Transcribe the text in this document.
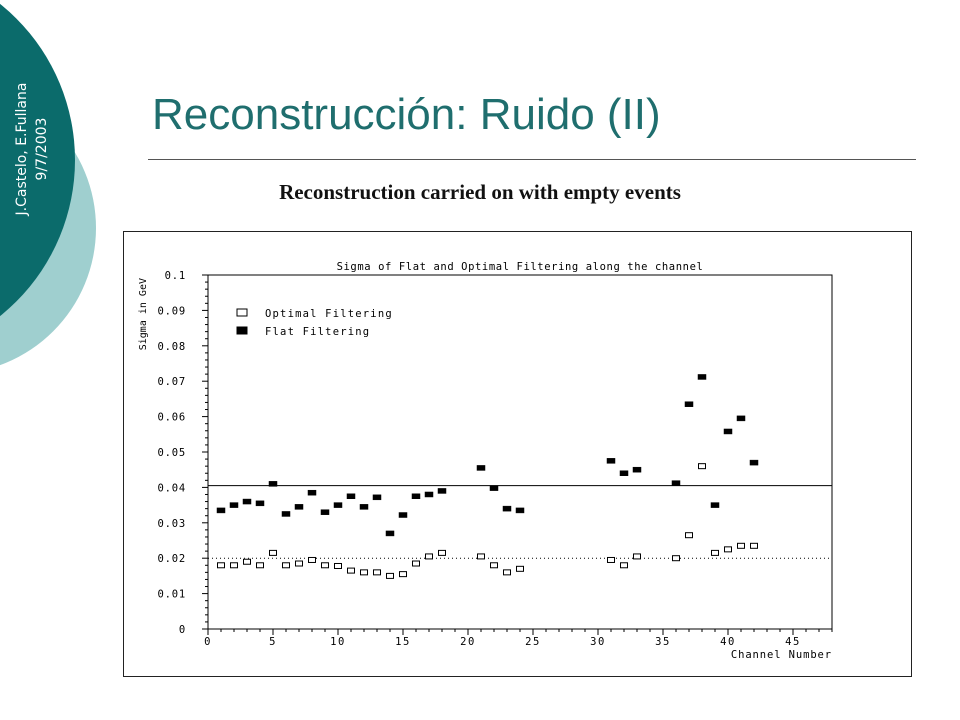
J.Castelo, E.Fullana 9/7/2003
Reconstrucción: Ruido (II)
Reconstruction carried on with empty events
Sigma of Flat and Optimal Filtering along the channel
0
0.01
0.02
0.03
0.04
0.05
0.06
0.07
0.08
0.09
0.1
0	5	10	15	20	25	30	35	40	45
Channel Number
Sigma in GeV	Optimal Filtering
Flat Filtering
